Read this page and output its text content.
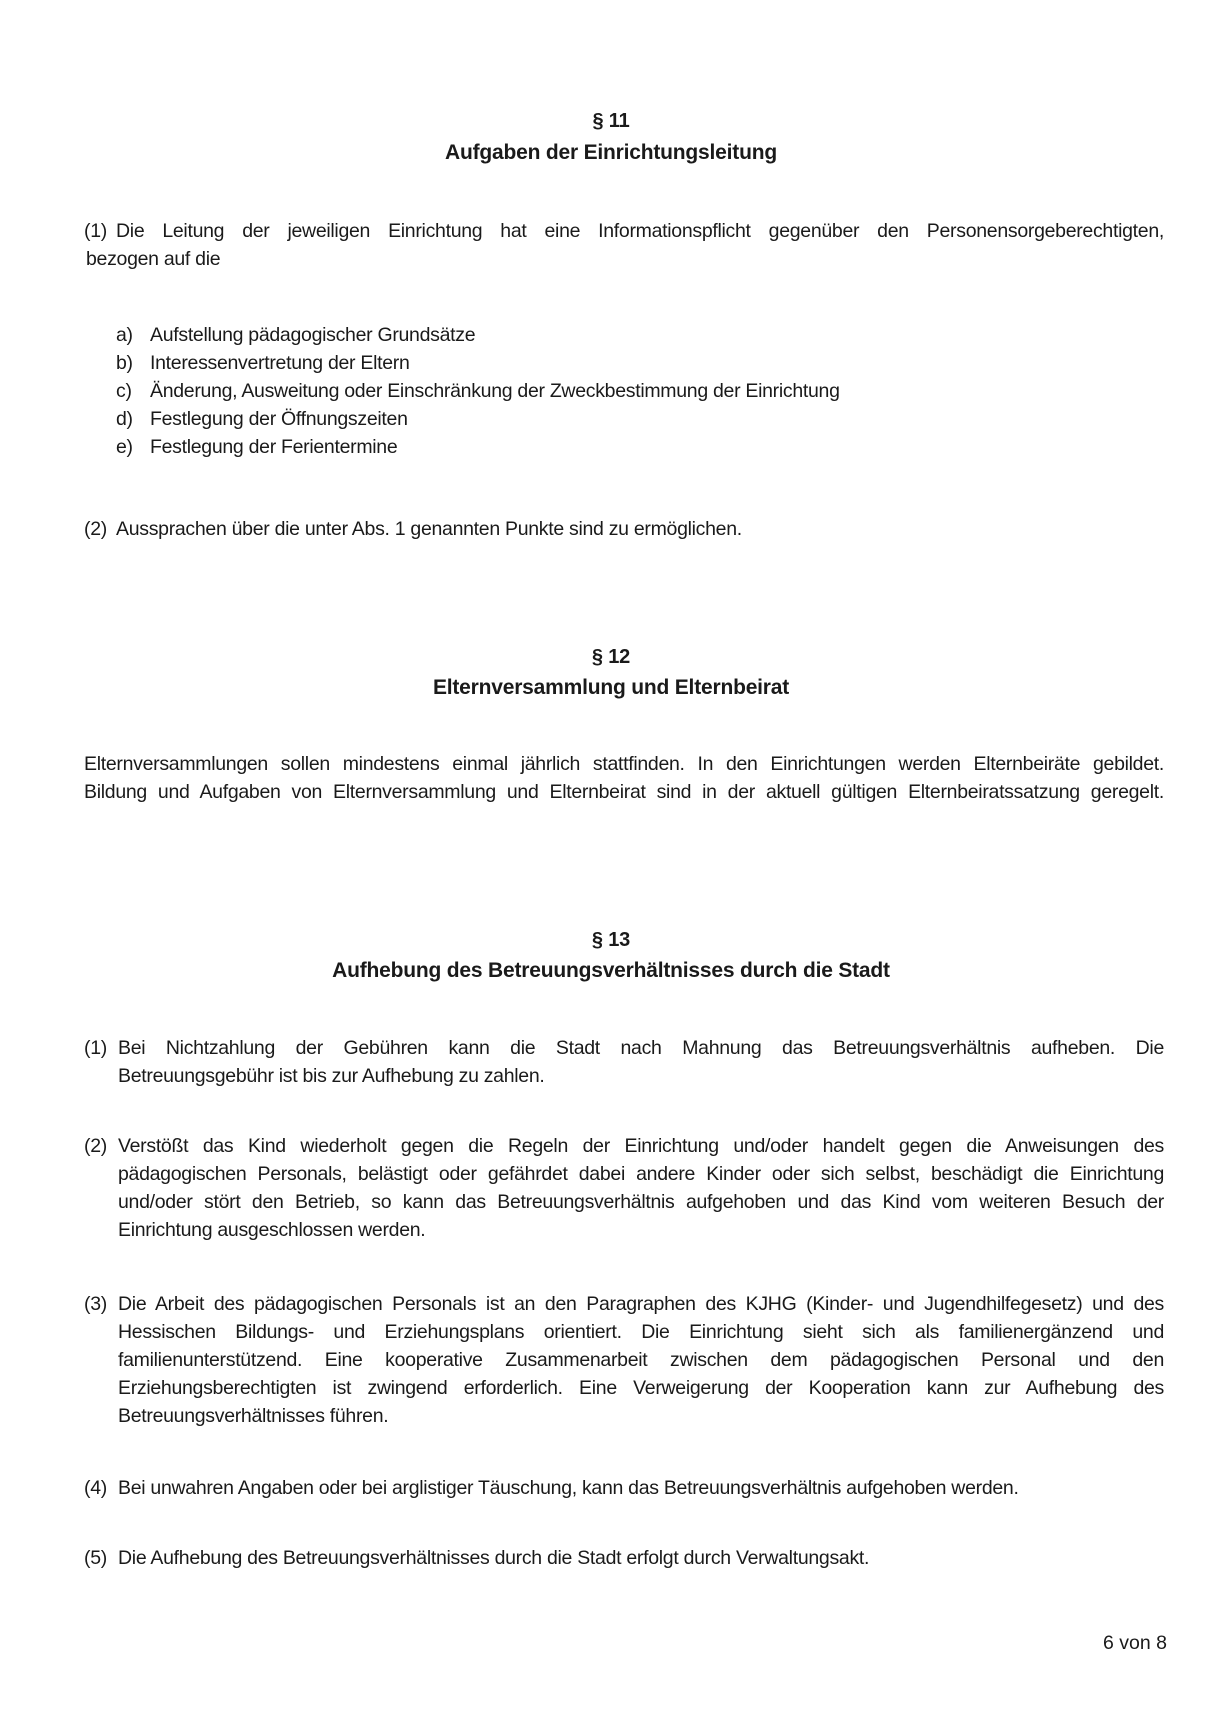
§ 11
Aufgaben der Einrichtungsleitung
(1) Die Leitung der jeweiligen Einrichtung hat eine Informationspflicht gegenüber den Personensorgeberechtigten,
bezogen auf die
a) Aufstellung pädagogischer Grundsätze
b) Interessenvertretung der Eltern
c) Änderung, Ausweitung oder Einschränkung der Zweckbestimmung der Einrichtung
d) Festlegung der Öffnungszeiten
e) Festlegung der Ferientermine
(2) Aussprachen über die unter Abs. 1 genannten Punkte sind zu ermöglichen.
§ 12
Elternversammlung und Elternbeirat
Elternversammlungen sollen mindestens einmal jährlich stattfinden. In den Einrichtungen werden Elternbeiräte gebildet.
Bildung und Aufgaben von Elternversammlung und Elternbeirat sind in der aktuell gültigen Elternbeiratssatzung geregelt.
§ 13
Aufhebung des Betreuungsverhältnisses durch die Stadt
(1) Bei Nichtzahlung der Gebühren kann die Stadt nach Mahnung das Betreuungsverhältnis aufheben. Die
Betreuungsgebühr ist bis zur Aufhebung zu zahlen.
(2) Verstößt das Kind wiederholt gegen die Regeln der Einrichtung und/oder handelt gegen die Anweisungen des
pädagogischen Personals, belästigt oder gefährdet dabei andere Kinder oder sich selbst, beschädigt die Einrichtung
und/oder stört den Betrieb, so kann das Betreuungsverhältnis aufgehoben und das Kind vom weiteren Besuch der
Einrichtung ausgeschlossen werden.
(3) Die Arbeit des pädagogischen Personals ist an den Paragraphen des KJHG (Kinder- und Jugendhilfegesetz) und des
Hessischen Bildungs- und Erziehungsplans orientiert. Die Einrichtung sieht sich als familienergänzend und
familienunterstützend. Eine kooperative Zusammenarbeit zwischen dem pädagogischen Personal und den
Erziehungsberechtigten ist zwingend erforderlich. Eine Verweigerung der Kooperation kann zur Aufhebung des
Betreuungsverhältnisses führen.
(4) Bei unwahren Angaben oder bei arglistiger Täuschung, kann das Betreuungsverhältnis aufgehoben werden.
(5) Die Aufhebung des Betreuungsverhältnisses durch die Stadt erfolgt durch Verwaltungsakt.
6 von 8
